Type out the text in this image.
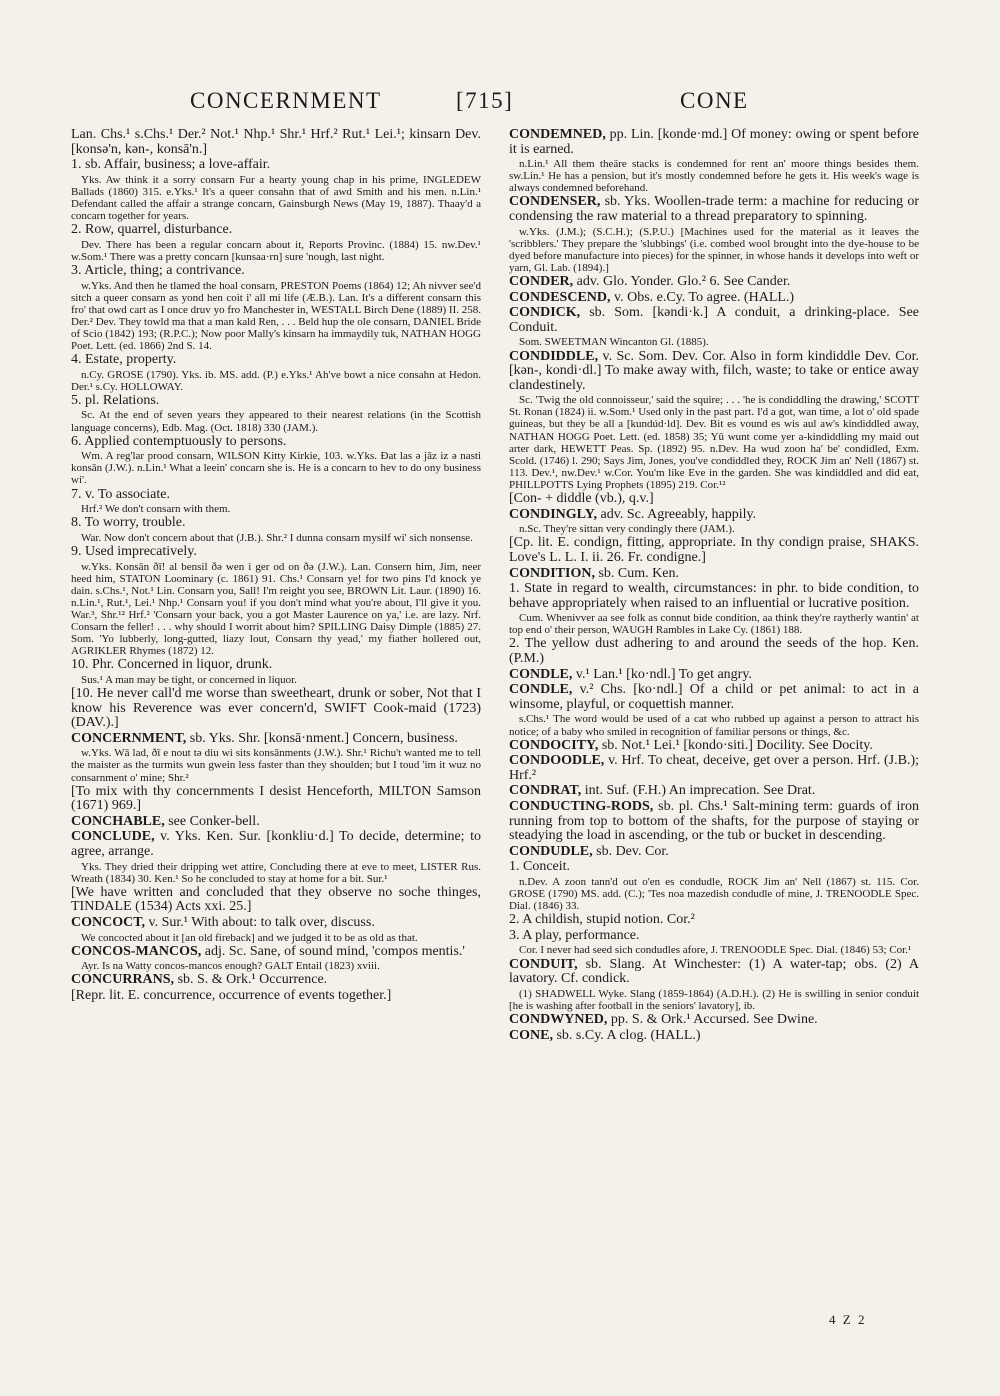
CONCERNMENT	[715]	CONE

Lan. Chs.¹ s.Chs.¹ Der.² Not.¹ Nhp.¹ Shr.¹ Hrf.² Rut.¹ Lei.¹; kinsarn Dev. [konsə'n, kən-, konsā'n.]

1. sb. Affair, business; a love-affair.

Yks. Aw think it a sorry consarn Fur a hearty young chap in his prime, INGLEDEW Ballads (1860) 315. e.Yks.¹ It's a queer consahn that of awd Smith and his men. n.Lin.¹ Defendant called the affair a strange concarn, Gainsburgh News (May 19, 1887). Thaay'd a concarn together for years.

2. Row, quarrel, disturbance.

Dev. There has been a regular concarn about it, Reports Provinc. (1884) 15. nw.Dev.¹ w.Som.¹ There was a pretty concarn [kunsaa·rn] sure 'nough, last night.

3. Article, thing; a contrivance.

w.Yks. And then he tlamed the hoal consarn, PRESTON Poems (1864) 12; Ah nivver see'd sitch a queer consarn as yond hen coit i' all mi life (Æ.B.). Lan. It's a different consarn this fro' that owd cart as I once druv yo fro Manchester in, WESTALL Birch Dene (1889) II. 258. Der.² Dev. They towld ma that a man kald Ren, . . . Beld hup the ole consarn, DANIEL Bride of Scio (1842) 193; (R.P.C.); Now poor Mally's kinsarn ha immaydily tuk, NATHAN HOGG Poet. Lett. (ed. 1866) 2nd S. 14.

4. Estate, property.

n.Cy. GROSE (1790). Yks. ib. MS. add. (P.) e.Yks.¹ Ah've bowt a nice consahn at Hedon. Der.¹ s.Cy. HOLLOWAY.

5. pl. Relations.

Sc. At the end of seven years they appeared to their nearest relations (in the Scottish language concerns), Edb. Mag. (Oct. 1818) 330 (JAM.).

6. Applied contemptuously to persons.

Wm. A reg'lar prood consarn, WILSON Kitty Kirkie, 103. w.Yks. Ðat las ə jāz iz ə nasti konsān (J.W.). n.Lin.¹ What a leein' concarn she is. He is a concarn to hev to do ony business wi'.

7. v. To associate.

Hrf.² We don't consarn with them.

8. To worry, trouble.

War. Now don't concern about that (J.B.). Shr.² I dunna consarn mysilf wi' sich nonsense.

9. Used imprecatively.

w.Yks. Konsān ðī! al bensil ðə wen i ger od on ðə (J.W.). Lan. Consern him, Jim, neer heed him, STATON Loominary (c. 1861) 91. Chs.¹ Consarn ye! for two pins I'd knock ye dain. s.Chs.¹, Not.¹ Lin. Consarn you, Sall! I'm reight you see, BROWN Lit. Laur. (1890) 16. n.Lin.¹, Rut.¹, Lei.¹ Nhp.¹ Consarn you! if you don't mind what you're about, I'll give it you. War.³, Shr.¹² Hrf.² 'Consarn your back, you a got Master Laurence on ya,' i.e. are lazy. Nrf. Consarn the feller! . . . why should I worrit about him? SPILLING Daisy Dimple (1885) 27. Som. 'Yo lubberly, long-gutted, liazy lout, Consarn thy yead,' my fiather hollered out, AGRIKLER Rhymes (1872) 12.

10. Phr. Concerned in liquor, drunk.

Sus.¹ A man may be tight, or concerned in liquor.

[10. He never call'd me worse than sweetheart, drunk or sober, Not that I know his Reverence was ever concern'd, SWIFT Cook-maid (1723) (DAV.).]

CONCERNMENT, sb. Yks. Shr. [konsā·nment.] Concern, business.

w.Yks. Wā lad, ðī e nout tə diu wi sits konsānments (J.W.). Shr.¹ Richu't wanted me to tell the maister as the turmits wun gwein less faster than they shoulden; but I toud 'im it wuz no consarnment o' mine; Shr.²

[To mix with thy concernments I desist Henceforth, MILTON Samson (1671) 969.]

CONCHABLE, see Conker-bell.

CONCLUDE, v. Yks. Ken. Sur. [konkliu·d.] To decide, determine; to agree, arrange.

Yks. They dried their dripping wet attire, Concluding there at eve to meet, LISTER Rus. Wreath (1834) 30. Ken.¹ So he concluded to stay at home for a bit. Sur.¹

[We have written and concluded that they observe no soche thinges, TINDALE (1534) Acts xxi. 25.]

CONCOCT, v. Sur.¹ With about: to talk over, discuss.

We concocted about it [an old fireback] and we judged it to be as old as that.

CONCOS-MANCOS, adj. Sc. Sane, of sound mind, 'compos mentis.'

Ayr. Is na Watty concos-mancos enough? GALT Entail (1823) xviii.

CONCURRANS, sb. S. & Ork.¹ Occurrence.

[Repr. lit. E. concurrence, occurrence of events together.]

CONDEMNED, pp. Lin. [konde·md.] Of money: owing or spent before it is earned.

n.Lin.¹ All them theäre stacks is condemned for rent an' moore things besides them. sw.Lin.¹ He has a pension, but it's mostly condemned before he gets it. His week's wage is always condemned beforehand.

CONDENSER, sb. Yks. Woollen-trade term: a machine for reducing or condensing the raw material to a thread preparatory to spinning.

w.Yks. (J.M.); (S.C.H.); (S.P.U.) [Machines used for the material as it leaves the 'scribblers.' They prepare the 'slubbings' (i.e. combed wool brought into the dye-house to be dyed before manufacture into pieces) for the spinner, in whose hands it develops into weft or yarn, Gl. Lab. (1894).]

CONDER, adv. Glo. Yonder. Glo.² 6. See Cander.

CONDESCEND, v. Obs. e.Cy. To agree. (HALL.)

CONDICK, sb. Som. [kəndi·k.] A conduit, a drinking-place. See Conduit.

Som. SWEETMAN Wincanton Gl. (1885).

CONDIDDLE, v. Sc. Som. Dev. Cor. Also in form kindiddle Dev. Cor. [kən-, kondi·dl.] To make away with, filch, waste; to take or entice away clandestinely.

Sc. 'Twig the old connoisseur,' said the squire; . . . 'he is condiddling the drawing,' SCOTT St. Ronan (1824) ii. w.Som.¹ Used only in the past part. I'd a got, wan time, a lot o' old spade guineas, but they be all a [kundúd·ld]. Dev. Bit es vound es wis aul aw's kindiddled away, NATHAN HOGG Poet. Lett. (ed. 1858) 35; Yū wunt come yer a-kindiddling my maid out arter dark, HEWETT Peas. Sp. (1892) 95. n.Dev. Ha wud zoon ha' be' condidled, Exm. Scold. (1746) l. 290; Says Jim, Jones, you've condiddled they, ROCK Jim an' Nell (1867) st. 113. Dev.¹, nw.Dev.¹ w.Cor. You'm like Eve in the garden. She was kindiddled and did eat, PHILLPOTTS Lying Prophets (1895) 219. Cor.¹²

[Con- + diddle (vb.), q.v.]

CONDINGLY, adv. Sc. Agreeably, happily.

n.Sc. They're sittan very condingly there (JAM.).

[Cp. lit. E. condign, fitting, appropriate. In thy condign praise, SHAKS. Love's L. L. I. ii. 26. Fr. condigne.]

CONDITION, sb. Cum. Ken.

1. State in regard to wealth, circumstances: in phr. to bide condition, to behave appropriately when raised to an influential or lucrative position.

Cum. Whenivver aa see folk as connut bide condition, aa think they're raytherly wantin' at top end o' their person, WAUGH Rambles in Lake Cy. (1861) 188.

2. The yellow dust adhering to and around the seeds of the hop. Ken. (P.M.)

CONDLE, v.¹ Lan.¹ [ko·ndl.] To get angry.

CONDLE, v.² Chs. [ko·ndl.] Of a child or pet animal: to act in a winsome, playful, or coquettish manner.

s.Chs.¹ The word would be used of a cat who rubbed up against a person to attract his notice; of a baby who smiled in recognition of familiar persons or things, &c.

CONDOCITY, sb. Not.¹ Lei.¹ [kondo·siti.] Docility. See Docity.

CONDOODLE, v. Hrf. To cheat, deceive, get over a person. Hrf. (J.B.); Hrf.²

CONDRAT, int. Suf. (F.H.) An imprecation. See Drat.

CONDUCTING-RODS, sb. pl. Chs.¹ Salt-mining term: guards of iron running from top to bottom of the shafts, for the purpose of staying or steadying the load in ascending, or the tub or bucket in descending.

CONDUDLE, sb. Dev. Cor.

1. Conceit.

n.Dev. A zoon tann'd out o'en es condudle, ROCK Jim an' Nell (1867) st. 115. Cor. GROSE (1790) MS. add. (C.); 'Tes noa mazedish condudle of mine, J. TRENOODLE Spec. Dial. (1846) 33.

2. A childish, stupid notion. Cor.²

3. A play, performance.

Cor. I never had seed sich condudles afore, J. TRENOODLE Spec. Dial. (1846) 53; Cor.¹

CONDUIT, sb. Slang. At Winchester: (1) A water-tap; obs. (2) A lavatory. Cf. condick.

(1) SHADWELL Wyke. Slang (1859-1864) (A.D.H.). (2) He is swilling in senior conduit [he is washing after football in the seniors' lavatory], ib.

CONDWYNED, pp. S. & Ork.¹ Accursed. See Dwine.

CONE, sb. s.Cy. A clog. (HALL.)

4 Z 2
